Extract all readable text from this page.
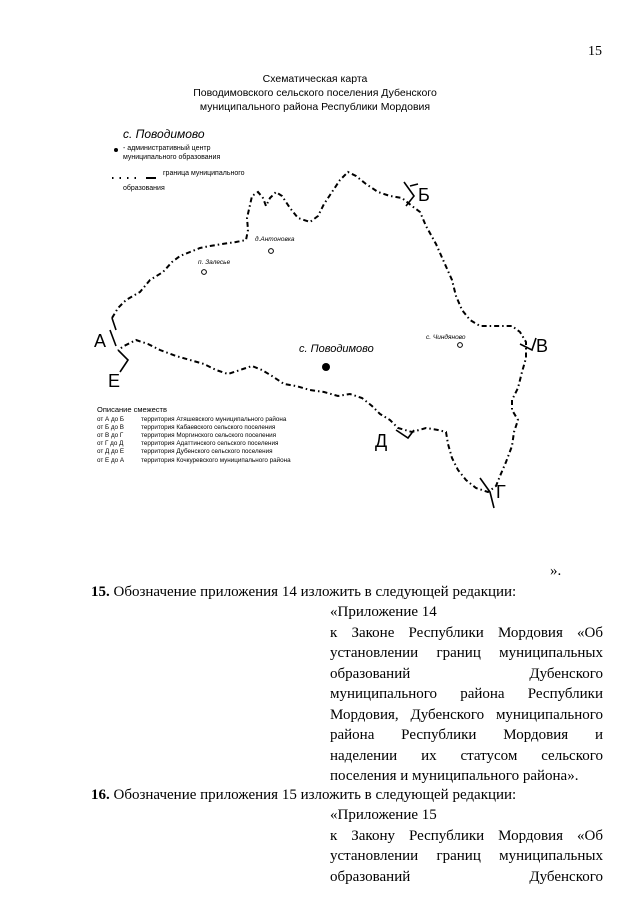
15
Схематическая карта
Поводимовского сельского поселения Дубенского
муниципального района Республики Мордовия
с. Поводимово
- административный центр
муниципального образования
граница муниципального
образования
д.Антоновка
п. Залесье
с. Поводимово
с. Чиндяново
А
Б
В
Г
Д
Е
Описание смежеств
от А до Б	территория Атяшевского муниципального района
от Б до В	территория Кабаевского сельского поселения
от В до Г	территория Моргинского сельского поселения
от Г до Д	территория Адаттинского сельского поселения
от Д до Е	территория Дубенского сельского поселения
от Е до А	территория Кочкуревского муниципального района
».
15. Обозначение приложения 14 изложить в следующей редакции:
«Приложение 14
к Законе Республики Мордовия «Об
установлении границ муниципальных
образований Дубенского
муниципального района Республики
Мордовия, Дубенского муниципального
района Республики Мордовия и
наделении их статусом сельского
поселения и муниципального района».
16. Обозначение приложения 15 изложить в следующей редакции:
«Приложение 15
к Закону Республики Мордовия «Об
установлении границ муниципальных
образований Дубенского
